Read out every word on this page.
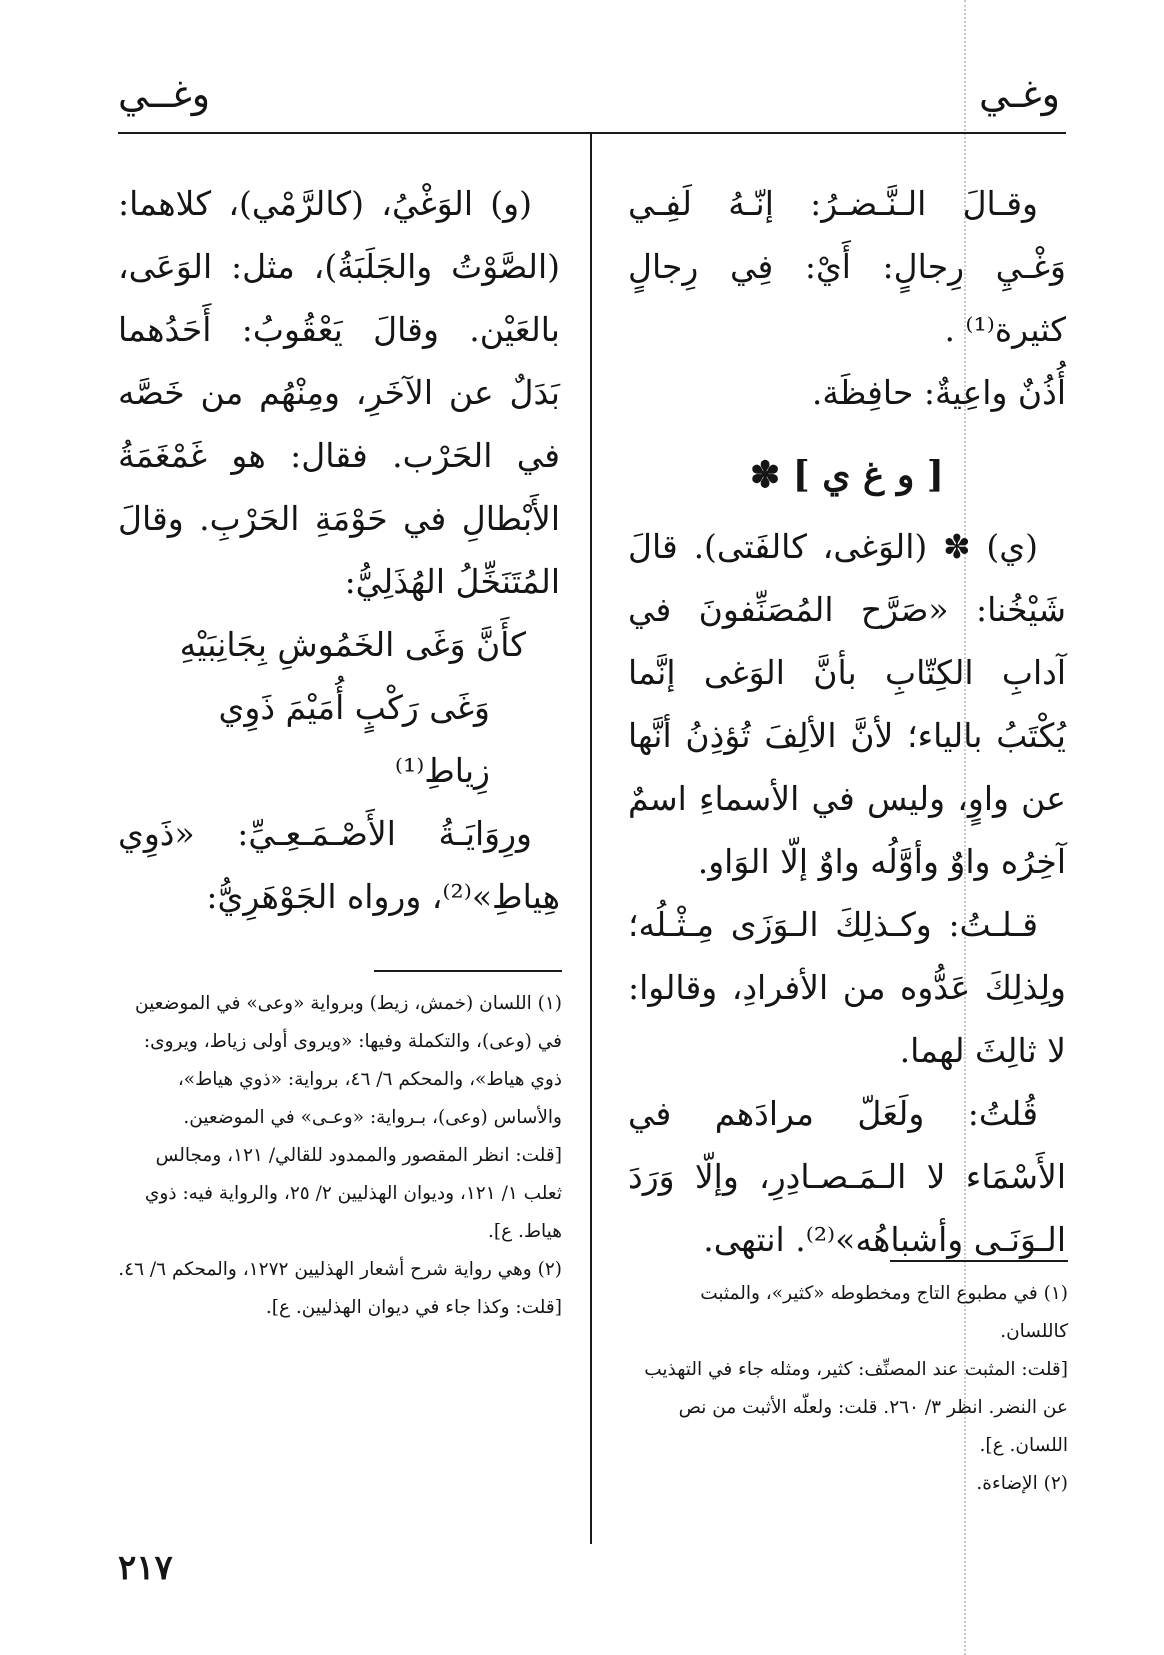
وغـي
وغــي

وقـالَ الـنَّـضـرُ: إنّـهُ لَفِـي وَغْـيِ رِجالٍ: أَيْ: فِي رِجالٍ كثيرة⁽¹⁾ .

أُذُنٌ واعِيةٌ: حافِظَة.

[ و غ ي ] ✽

(ي) ✽ (الوَغى، كالفَتى). قالَ شَيْخُنا: «صَرَّح المُصَنِّفونَ في آدابِ الكِتّابِ بأنَّ الوَغى إنَّما يُكْتَبُ بالياء؛ لأنَّ الألِفَ تُؤذِنُ أنَّها عن واوٍ، وليس في الأسماءِ اسمٌ آخِرُه واوٌ وأوَّلُه واوٌ إلّا الوَاو.

قـلـتُ: وكـذلِكَ الـوَزَى مِـثْـلُه؛ ولِذلِكَ عَدُّوه من الأفرادِ، وقالوا: لا ثالِثَ لهما.

قُلتُ: ولَعَلّ مرادَهم في الأَسْمَاء لا الـمَـصـادِرِ، وإلّا وَرَدَ الـوَنَـى وأشباهُه»⁽²⁾. انتهى.

(و) الوَغْيُ، (كالرَّمْي)، كلاهما: (الصَّوْتُ والجَلَبَةُ)، مثل: الوَعَى، بالعَيْن. وقالَ يَعْقُوبُ: أَحَدُهما بَدَلٌ عن الآخَرِ، ومِنْهُم من خَصَّه في الحَرْب. فقال: هو غَمْغَمَةُ الأَبْطالِ في حَوْمَةِ الحَرْبِ. وقالَ المُتَنَخِّلُ الهُذَلِيُّ:

كأَنَّ وَغَى الخَمُوشِ بِجَانِبَيْهِ

وَغَى رَكْبٍ أُمَيْمَ ذَوِي زِياطِ⁽¹⁾

ورِوَايَـةُ الأَصْـمَـعِـيِّ: «ذَوِي هِياطِ»⁽²⁾، ورواه الجَوْهَرِيُّ:

(١) في مطبوع التاج ومخطوطه «كثير»، والمثبت كاللسان.

[قلت: المثبت عند المصنِّف: كثير، ومثله جاء في التهذيب عن النضر. انظر ٣/ ٢٦٠. قلت: ولعلّه الأثبت من نص اللسان. ع].

(٢) الإضاءة.

(١) اللسان (خمش، زيط) وبرواية «وعى» في الموضعين في (وعى)، والتكملة وفيها: «ويروى أولى زياط، ويروى: ذوي هياط»، والمحكم ٦/ ٤٦، برواية: «ذوي هياط»، والأساس (وعى)، بـرواية: «وعـى» في الموضعين.

[قلت: انظر المقصور والممدود للقالي/ ١٢١، ومجالس ثعلب ١/ ١٢١، وديوان الهذليين ٢/ ٢٥، والرواية فيه: ذوي هياط. ع].

(٢) وهي رواية شرح أشعار الهذليين ١٢٧٢، والمحكم ٦/ ٤٦.

[قلت: وكذا جاء في ديوان الهذليين. ع].

٢١٧
